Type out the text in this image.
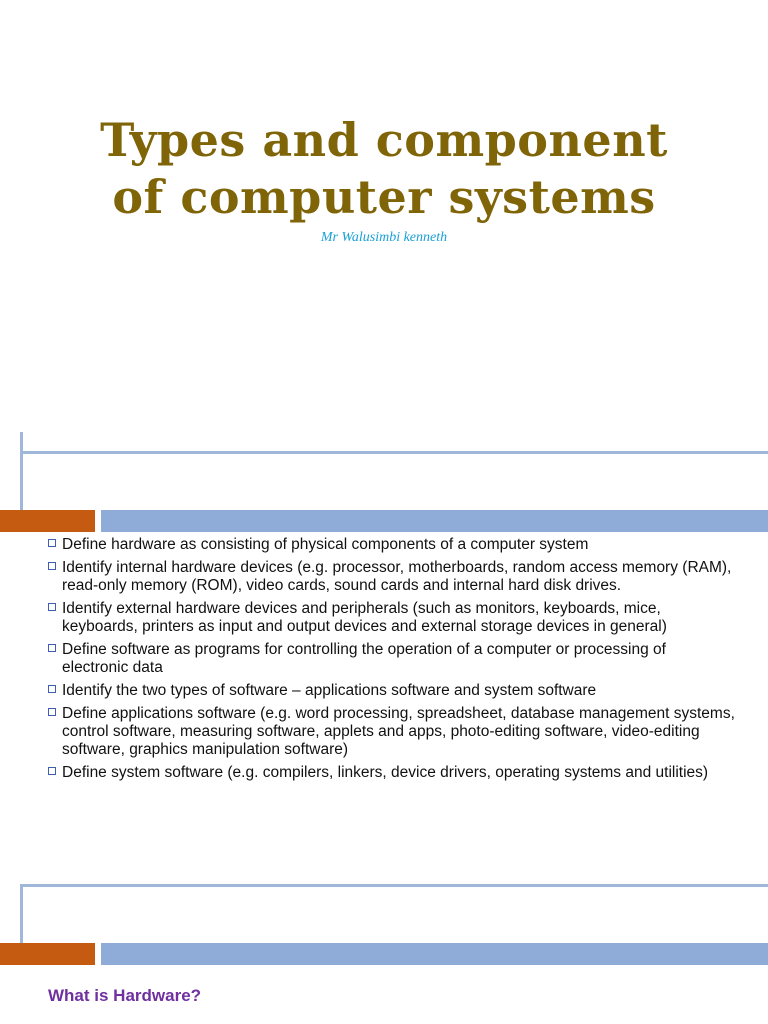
Types and component
of computer systems
Mr Walusimbi kenneth
Define hardware as consisting of physical components of a computer system
Identify internal hardware devices (e.g. processor, motherboards, random access memory (RAM), read-only memory (ROM), video cards, sound cards and internal hard disk drives.
Identify external hardware devices and peripherals (such as monitors, keyboards, mice, keyboards, printers as input and output devices and external storage devices in general)
Define software as programs for controlling the operation of a computer or processing of electronic data
Identify the two types of software – applications software and system software
Define applications software (e.g. word processing, spreadsheet, database management systems, control software, measuring software, applets and apps, photo-editing software, video-editing software, graphics manipulation software)
Define system software (e.g. compilers, linkers, device drivers, operating systems and utilities)
What is Hardware?
